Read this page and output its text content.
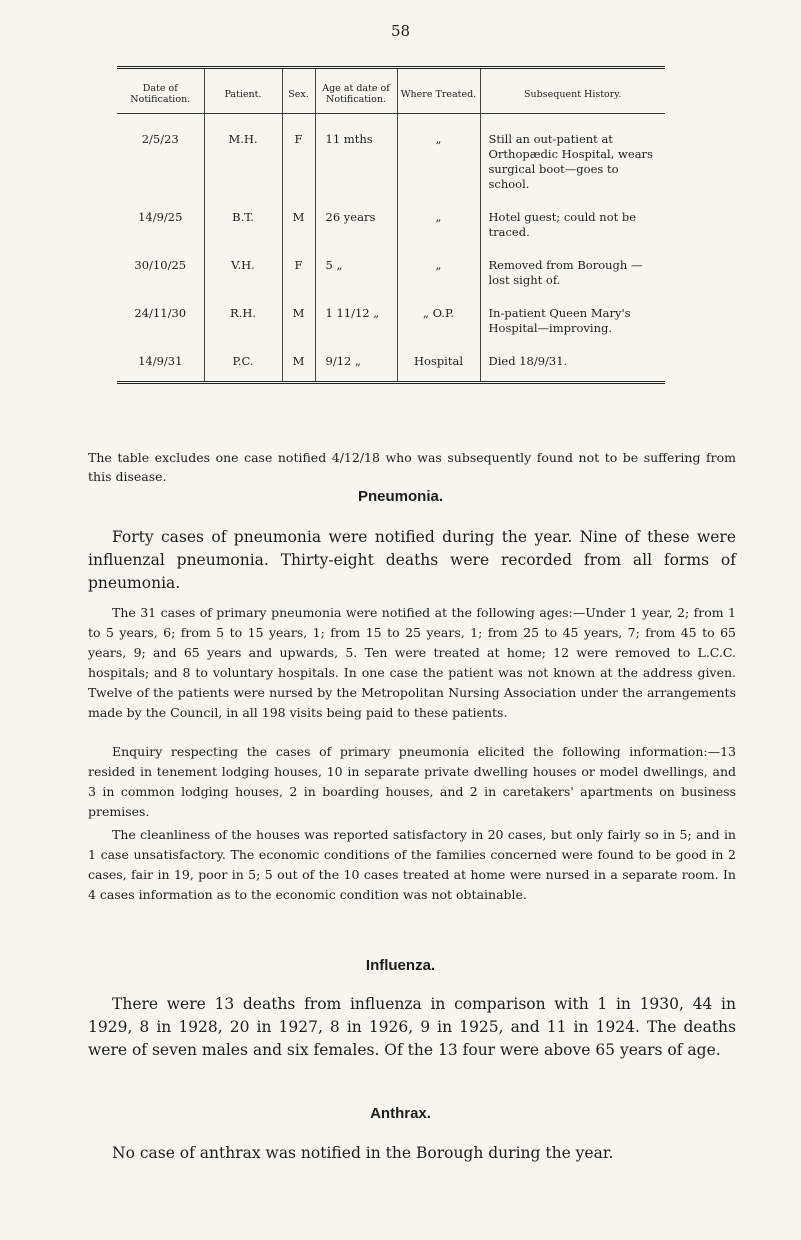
58
Date of Notification.	Patient.	Sex.	Age at date of Notification.	Where Treated.	Subsequent History.
2/5/23	M.H.	F	11 mths	„	Still an out-patient at Orthopædic Hospital, wears surgical boot—goes to school.
14/9/25	B.T.	M	26 years	„	Hotel guest; could not be traced.
30/10/25	V.H.	F	5 „	„	Removed from Borough —lost sight of.
24/11/30	R.H.	M	1 11/12 „	„ O.P.	In-patient Queen Mary's Hospital—improving.
14/9/31	P.C.	M	9/12 „	Hospital	Died 18/9/31.

The table excludes one case notified 4/12/18 who was subsequently found not to be suffering from this disease.

Pneumonia.

Forty cases of pneumonia were notified during the year. Nine of these were influenzal pneumonia. Thirty-eight deaths were recorded from all forms of pneumonia.

The 31 cases of primary pneumonia were notified at the following ages:—Under 1 year, 2; from 1 to 5 years, 6; from 5 to 15 years, 1; from 15 to 25 years, 1; from 25 to 45 years, 7; from 45 to 65 years, 9; and 65 years and upwards, 5. Ten were treated at home; 12 were removed to L.C.C. hospitals; and 8 to voluntary hospitals. In one case the patient was not known at the address given. Twelve of the patients were nursed by the Metropolitan Nursing Association under the arrangements made by the Council, in all 198 visits being paid to these patients.

Enquiry respecting the cases of primary pneumonia elicited the following information:—13 resided in tenement lodging houses, 10 in separate private dwelling houses or model dwellings, and 3 in common lodging houses, 2 in boarding houses, and 2 in caretakers' apartments on business premises.

The cleanliness of the houses was reported satisfactory in 20 cases, but only fairly so in 5; and in 1 case unsatisfactory. The economic conditions of the families concerned were found to be good in 2 cases, fair in 19, poor in 5; 5 out of the 10 cases treated at home were nursed in a separate room. In 4 cases information as to the economic condition was not obtainable.

Influenza.

There were 13 deaths from influenza in comparison with 1 in 1930, 44 in 1929, 8 in 1928, 20 in 1927, 8 in 1926, 9 in 1925, and 11 in 1924. The deaths were of seven males and six females. Of the 13 four were above 65 years of age.

Anthrax.

No case of anthrax was notified in the Borough during the year.
